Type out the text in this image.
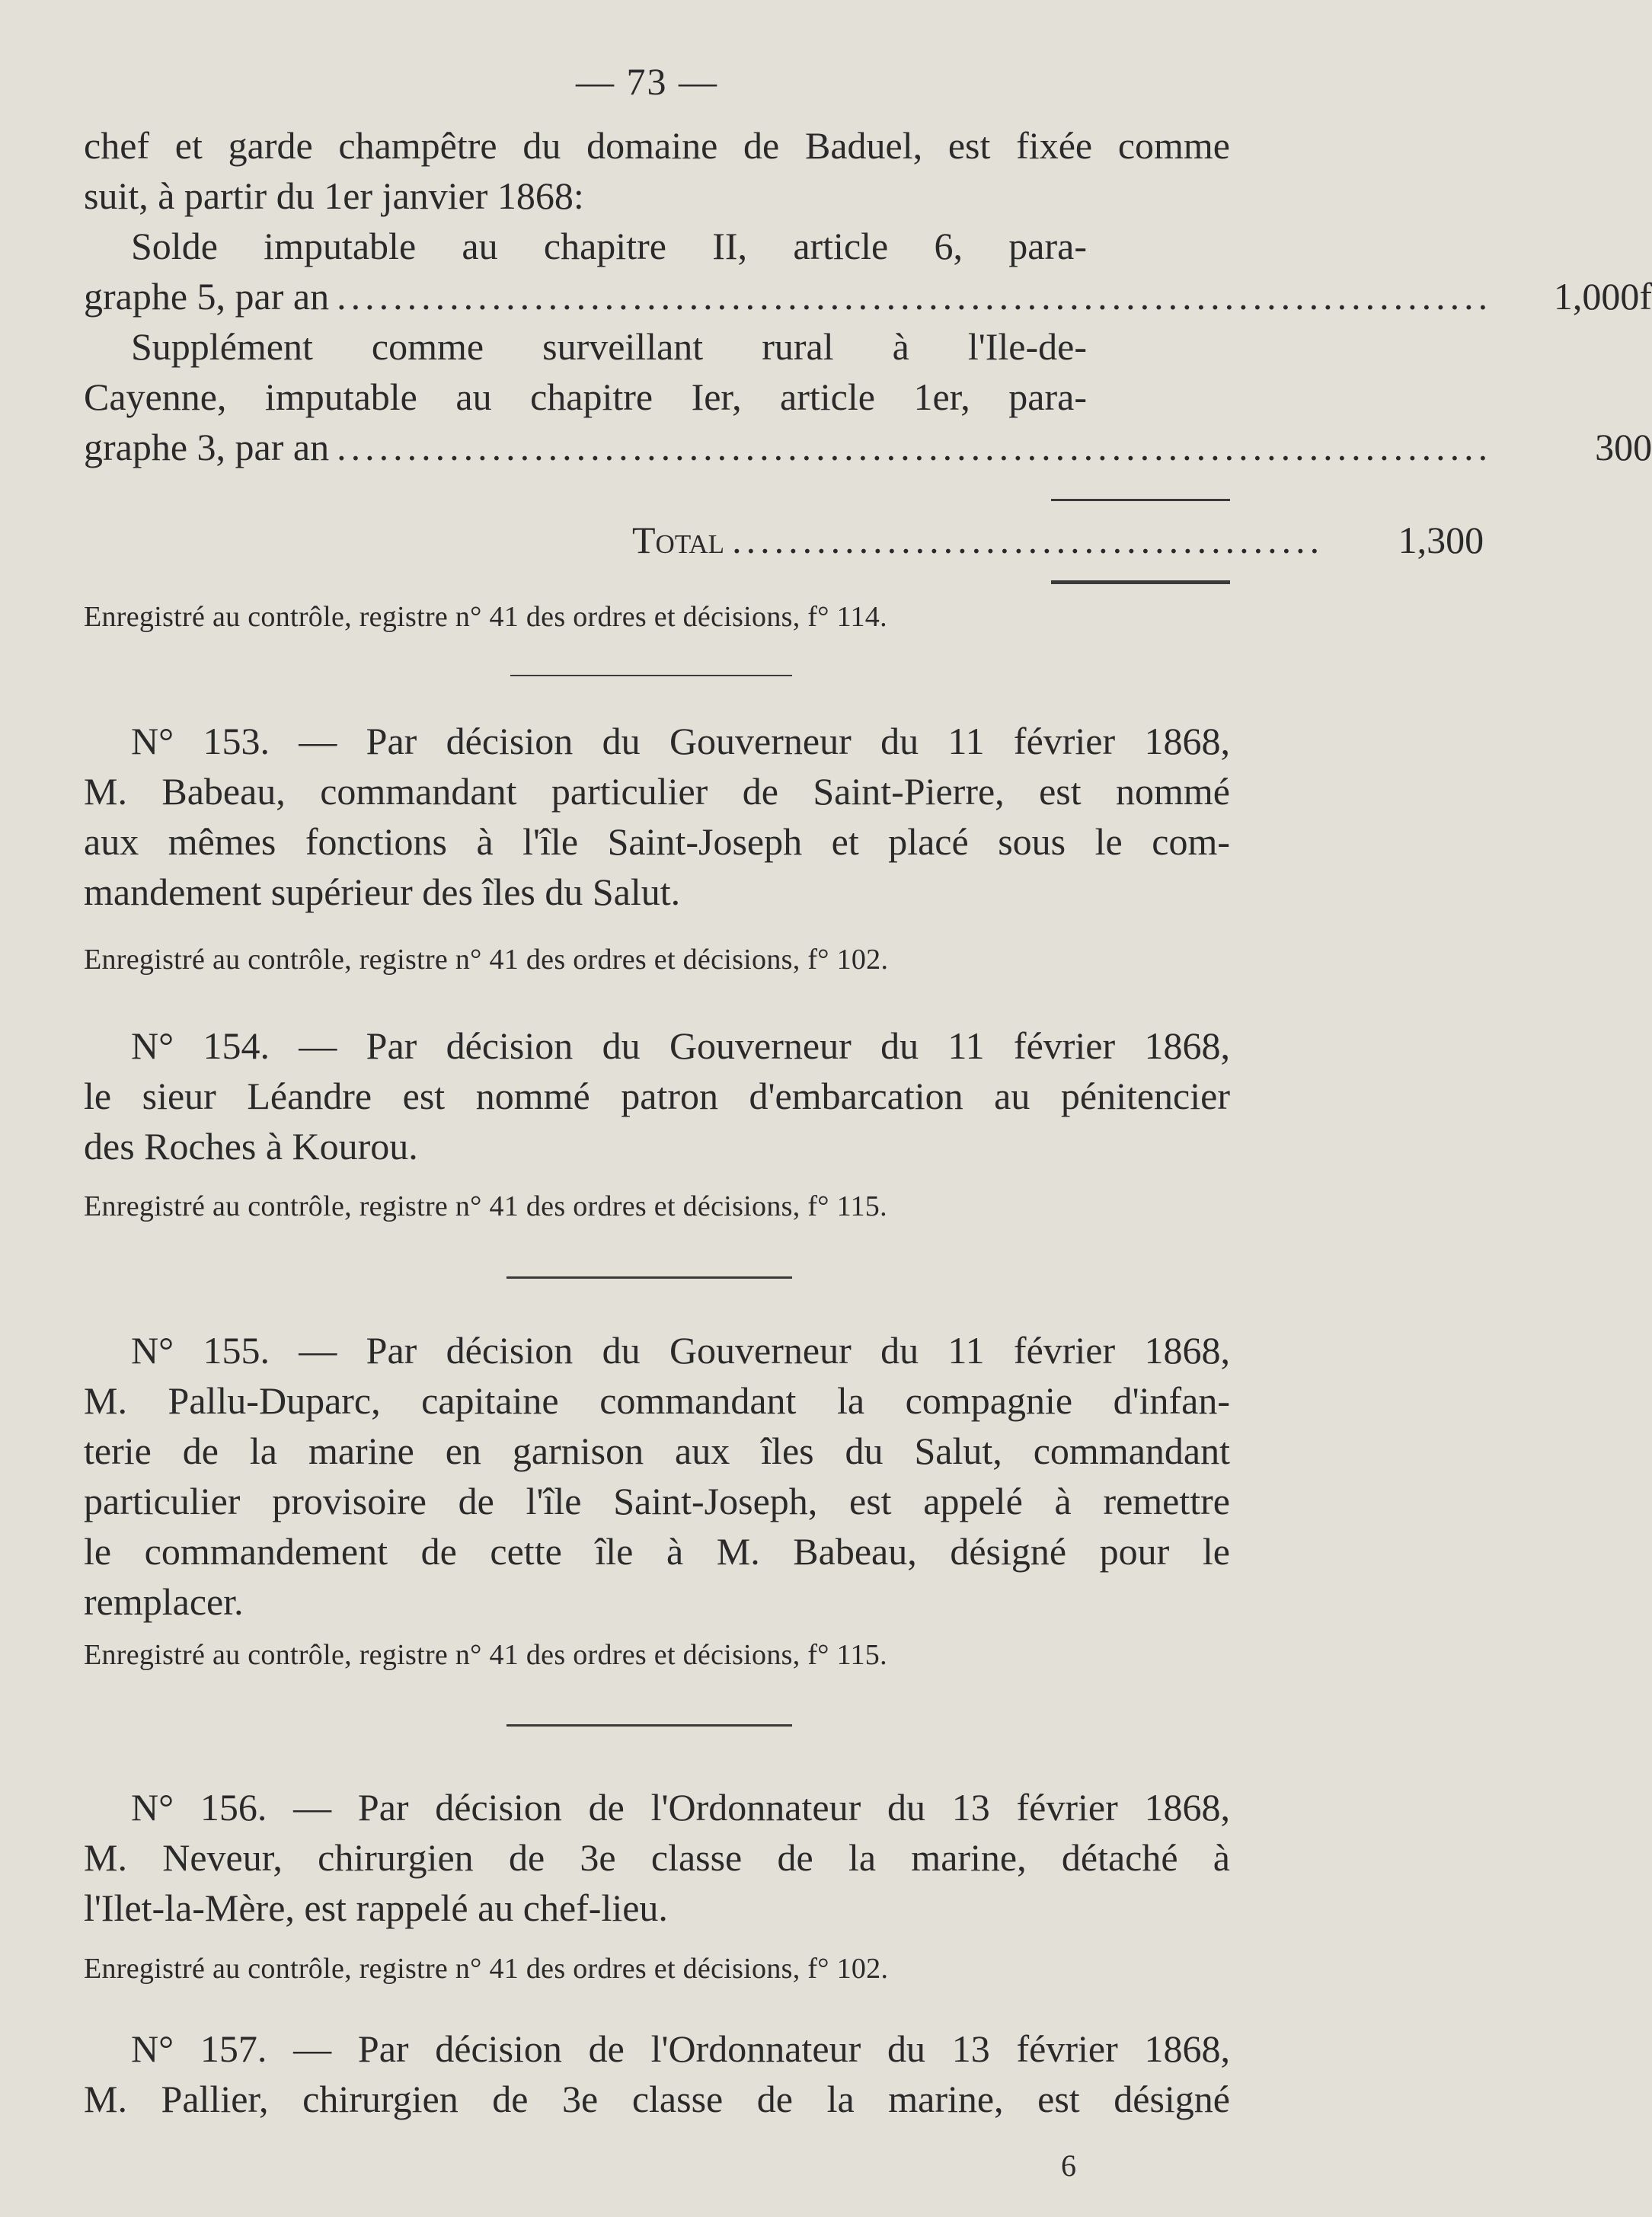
— 73 —
chef et garde champêtre du domaine de Baduel, est fixée comme
suit, à partir du 1er janvier 1868:
Solde imputable au chapitre II, article 6, para-
graphe 5, par an ..................................................................................	1,000f
Supplément comme surveillant rural à l'Ile-de-
Cayenne, imputable au chapitre Ier, article 1er, para-
graphe 3, par an ..................................................................................	300
Total ..........................................	1,300
Enregistré au contrôle, registre n° 41 des ordres et décisions, f° 114.
N° 153. — Par décision du Gouverneur du 11 février 1868,
M. Babeau, commandant particulier de Saint-Pierre, est nommé
aux mêmes fonctions à l'île Saint-Joseph et placé sous le com-
mandement supérieur des îles du Salut.
Enregistré au contrôle, registre n° 41 des ordres et décisions, f° 102.
N° 154. — Par décision du Gouverneur du 11 février 1868,
le sieur Léandre est nommé patron d'embarcation au pénitencier
des Roches à Kourou.
Enregistré au contrôle, registre n° 41 des ordres et décisions, f° 115.
N° 155. — Par décision du Gouverneur du 11 février 1868,
M. Pallu-Duparc, capitaine commandant la compagnie d'infan-
terie de la marine en garnison aux îles du Salut, commandant
particulier provisoire de l'île Saint-Joseph, est appelé à remettre
le commandement de cette île à M. Babeau, désigné pour le
remplacer.
Enregistré au contrôle, registre n° 41 des ordres et décisions, f° 115.
N° 156. — Par décision de l'Ordonnateur du 13 février 1868,
M. Neveur, chirurgien de 3e classe de la marine, détaché à
l'Ilet-la-Mère, est rappelé au chef-lieu.
Enregistré au contrôle, registre n° 41 des ordres et décisions, f° 102.
N° 157. — Par décision de l'Ordonnateur du 13 février 1868,
M. Pallier, chirurgien de 3e classe de la marine, est désigné
6
